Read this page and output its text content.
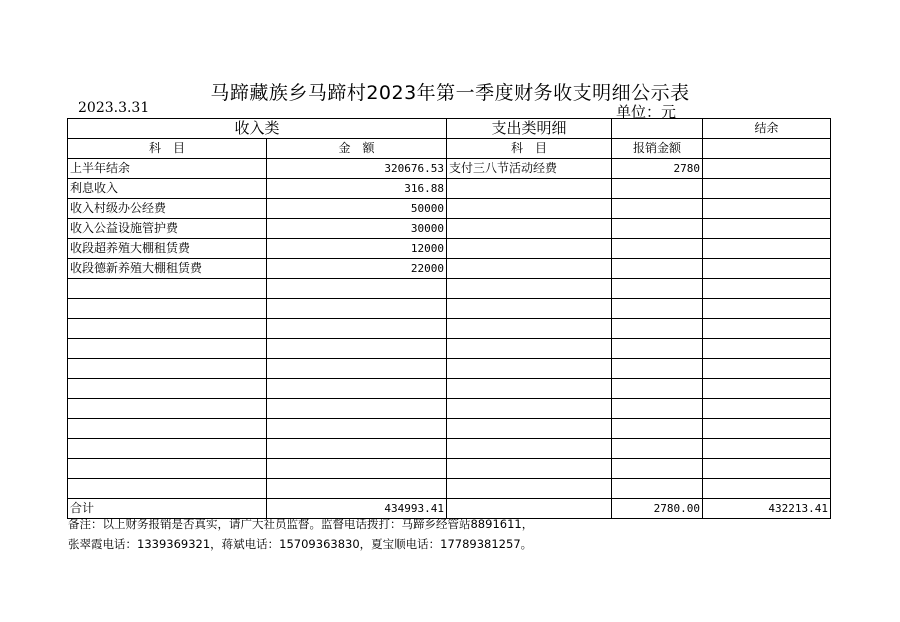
马蹄藏族乡马蹄村2023年第一季度财务收支明细公示表
2023.3.31	单位：元
收入类		支出类明细		结余
科　目	金　额	科　目	报销金额	
上半年结余	320676.53	支付三八节活动经费	2780	
利息收入	316.88			
收入村级办公经费	50000			
收入公益设施管护费	30000			
收段超养殖大棚租赁费	12000			
收段德新养殖大棚租赁费	22000			

合计	434993.41		2780.00	432213.41
备注：以上财务报销是否真实，请广大社员监督。监督电话拨打：马蹄乡经管站8891611，
张翠霞电话：1339369321，蒋斌电话：15709363830，夏宝顺电话：17789381257。
